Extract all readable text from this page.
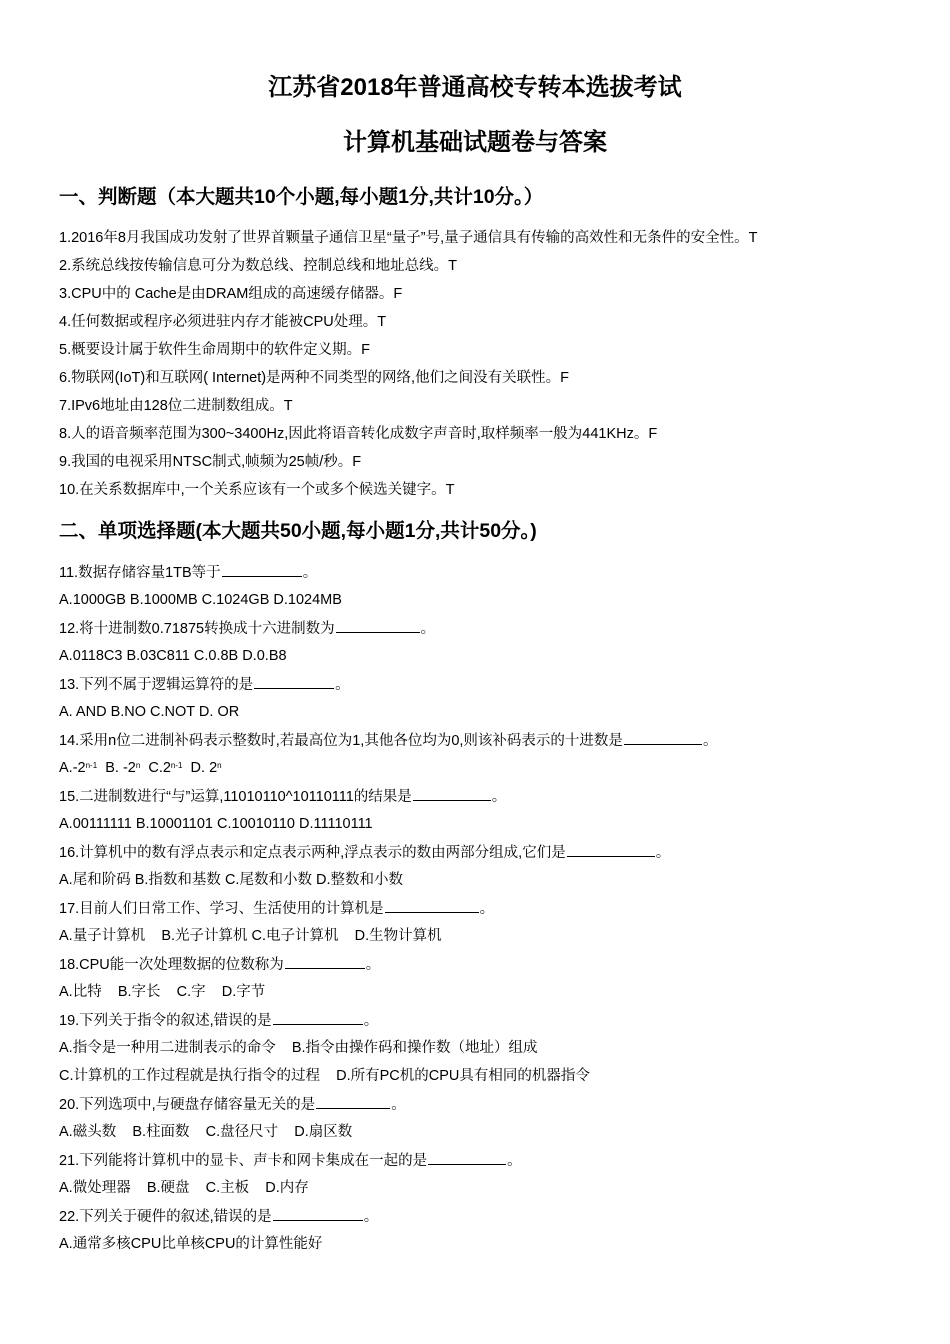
江苏省2018年普通高校专转本选拔考试
计算机基础试题卷与答案
一、判断题（本大题共10个小题,每小题1分,共计10分。）
1.2016年8月我国成功发射了世界首颗量子通信卫星“量子”号,量子通信具有传输的高效性和无条件的安全性。T
2.系统总线按传输信息可分为数总线、控制总线和地址总线。T
3.CPU中的 Cache是由DRAM组成的高速缓存储器。F
4.任何数据或程序必须进驻内存才能被CPU处理。T
5.概要设计属于软件生命周期中的软件定义期。F
6.物联网(IoT)和互联网( Internet)是两种不同类型的网络,他们之间没有关联性。F
7.IPv6地址由128位二进制数组成。T
8.人的语音频率范围为300~3400Hz,因此将语音转化成数字声音时,取样频率一般为441KHz。F
9.我国的电视采用NTSC制式,帧频为25帧/秒。F
10.在关系数据库中,一个关系应该有一个或多个候选关键字。T
二、单项选择题(本大题共50小题,每小题1分,共计50分。)
11.数据存储容量1TB等于	。
A.1000GB B.1000MB C.1024GB D.1024MB
12.将十进制数0.71875转换成十六进制数为	。
A.0118C3 B.03C811 C.0.8B D.0.B8
13.下列不属于逻辑运算符的是	。
A. AND B.NO C.NOT D. OR
14.采用n位二进制补码表示整数时,若最高位为1,其他各位均为0,则该补码表示的十进数是	。
A.-2$^{n-1}$  B. -2$^n$  C.2$^{n-1}$  D. 2$^n$
15.二进制数进行“与”运算,11010110^10110111的结果是	。
A.00111111 B.10001101 C.10010110 D.11110111
16.计算机中的数有浮点表示和定点表示两种,浮点表示的数由两部分组成,它们是	。
A.尾和阶码 B.指数和基数 C.尾数和小数 D.整数和小数
17.目前人们日常工作、学习、生活使用的计算机是	。
A.量子计算机    B.光子计算机 C.电子计算机    D.生物计算机
18.CPU能一次处理数据的位数称为	。
A.比特    B.字长    C.字    D.字节
19.下列关于指令的叙述,错误的是	。
A.指令是一种用二进制表示的命令    B.指令由操作码和操作数（地址）组成
C.计算机的工作过程就是执行指令的过程    D.所有PC机的CPU具有相同的机器指令
20.下列选项中,与硬盘存储容量无关的是	。
A.磁头数    B.柱面数    C.盘径尺寸    D.扇区数
21.下列能将计算机中的显卡、声卡和网卡集成在一起的是	。
A.微处理器    B.硬盘    C.主板    D.内存
22.下列关于硬件的叙述,错误的是	。
A.通常多核CPU比单核CPU的计算性能好
